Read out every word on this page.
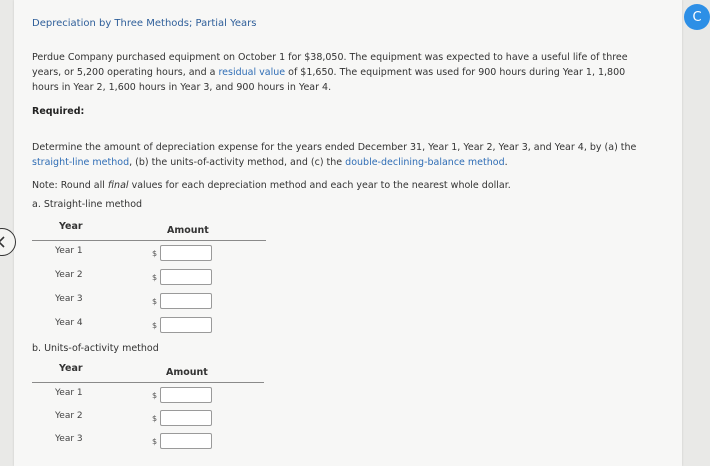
Depreciation by Three Methods; Partial Years
Perdue Company purchased equipment on October 1 for $38,050. The equipment was expected to have a useful life of three
years, or 5,200 operating hours, and a residual value of $1,650. The equipment was used for 900 hours during Year 1, 1,800
hours in Year 2, 1,600 hours in Year 3, and 900 hours in Year 4.
Required:
Determine the amount of depreciation expense for the years ended December 31, Year 1, Year 2, Year 3, and Year 4, by (a) the
straight-line method, (b) the units-of-activity method, and (c) the double-declining-balance method.
Note: Round all final values for each depreciation method and each year to the nearest whole dollar.
a. Straight-line method
Year	Amount
Year 1	$
Year 2	$
Year 3	$
Year 4	$
b. Units-of-activity method
Year	Amount
Year 1	$
Year 2	$
Year 3	$
C
